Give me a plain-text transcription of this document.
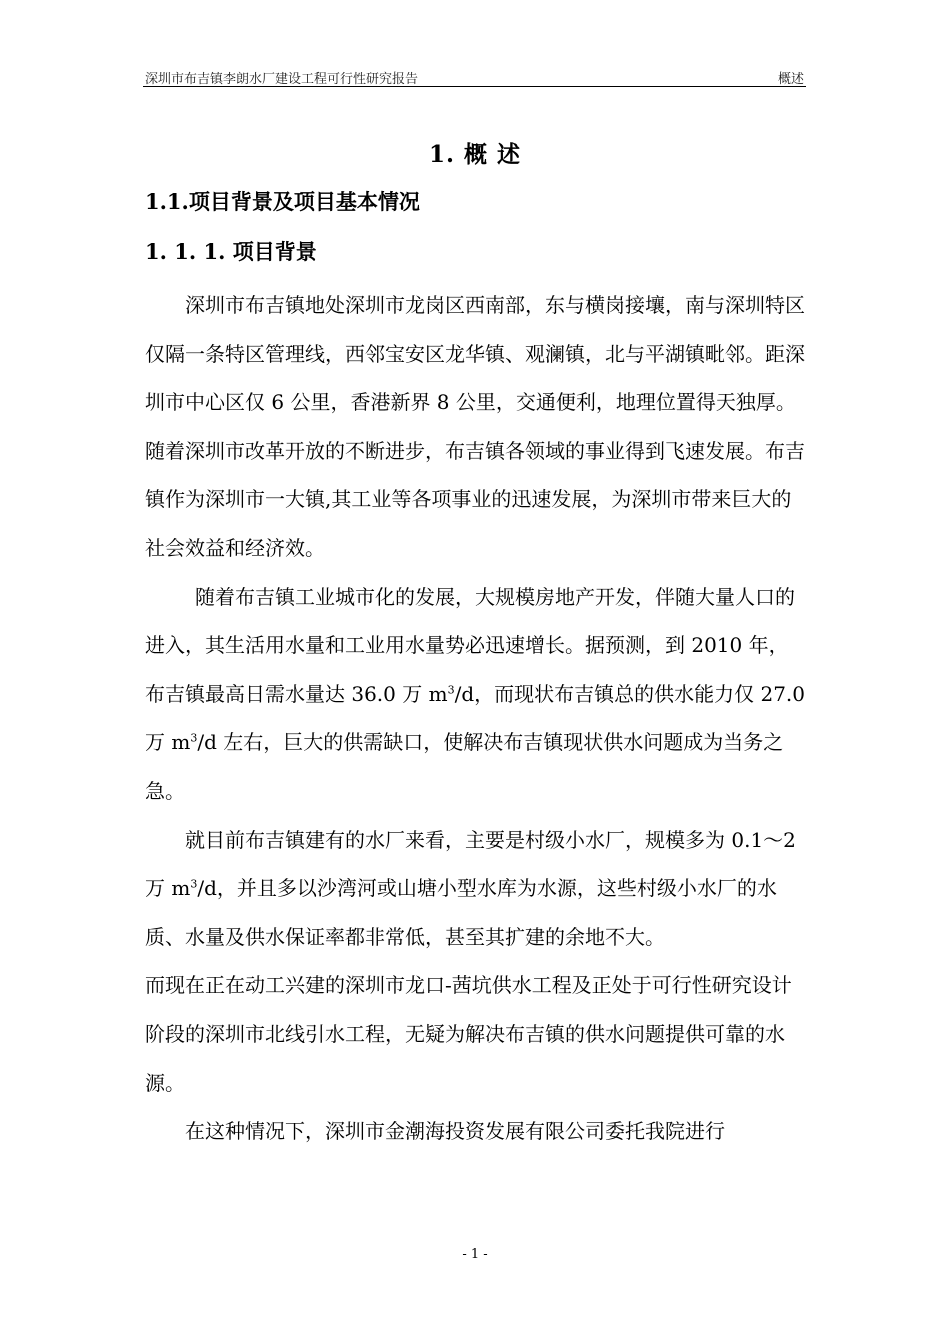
深圳市布吉镇李朗水厂建设工程可行性研究报告	概述
1. 概 述
1.1.项目背景及项目基本情况
1. 1. 1. 项目背景

深圳市布吉镇地处深圳市龙岗区西南部，东与横岗接壤，南与深圳特区仅隔一条特区管理线，西邻宝安区龙华镇、观澜镇，北与平湖镇毗邻。距深圳市中心区仅 6 公里，香港新界 8 公里，交通便利，地理位置得天独厚。随着深圳市改革开放的不断进步，布吉镇各领域的事业得到飞速发展。布吉镇作为深圳市一大镇,其工业等各项事业的迅速发展，为深圳市带来巨大的社会效益和经济效。

随着布吉镇工业城市化的发展，大规模房地产开发，伴随大量人口的进入，其生活用水量和工业用水量势必迅速增长。据预测，到 2010 年，布吉镇最高日需水量达 36.0 万 $m^3/d$，而现状布吉镇总的供水能力仅 27.0 万 $m^3/d$ 左右，巨大的供需缺口，使解决布吉镇现状供水问题成为当务之急。

就目前布吉镇建有的水厂来看，主要是村级小水厂，规模多为 0.1～2 万 $m^3/d$，并且多以沙湾河或山塘小型水库为水源，这些村级小水厂的水质、水量及供水保证率都非常低，甚至其扩建的余地不大。

而现在正在动工兴建的深圳市龙口-茜坑供水工程及正处于可行性研究设计阶段的深圳市北线引水工程，无疑为解决布吉镇的供水问题提供可靠的水源。

在这种情况下，深圳市金潮海投资发展有限公司委托我院进行

- 1 -
